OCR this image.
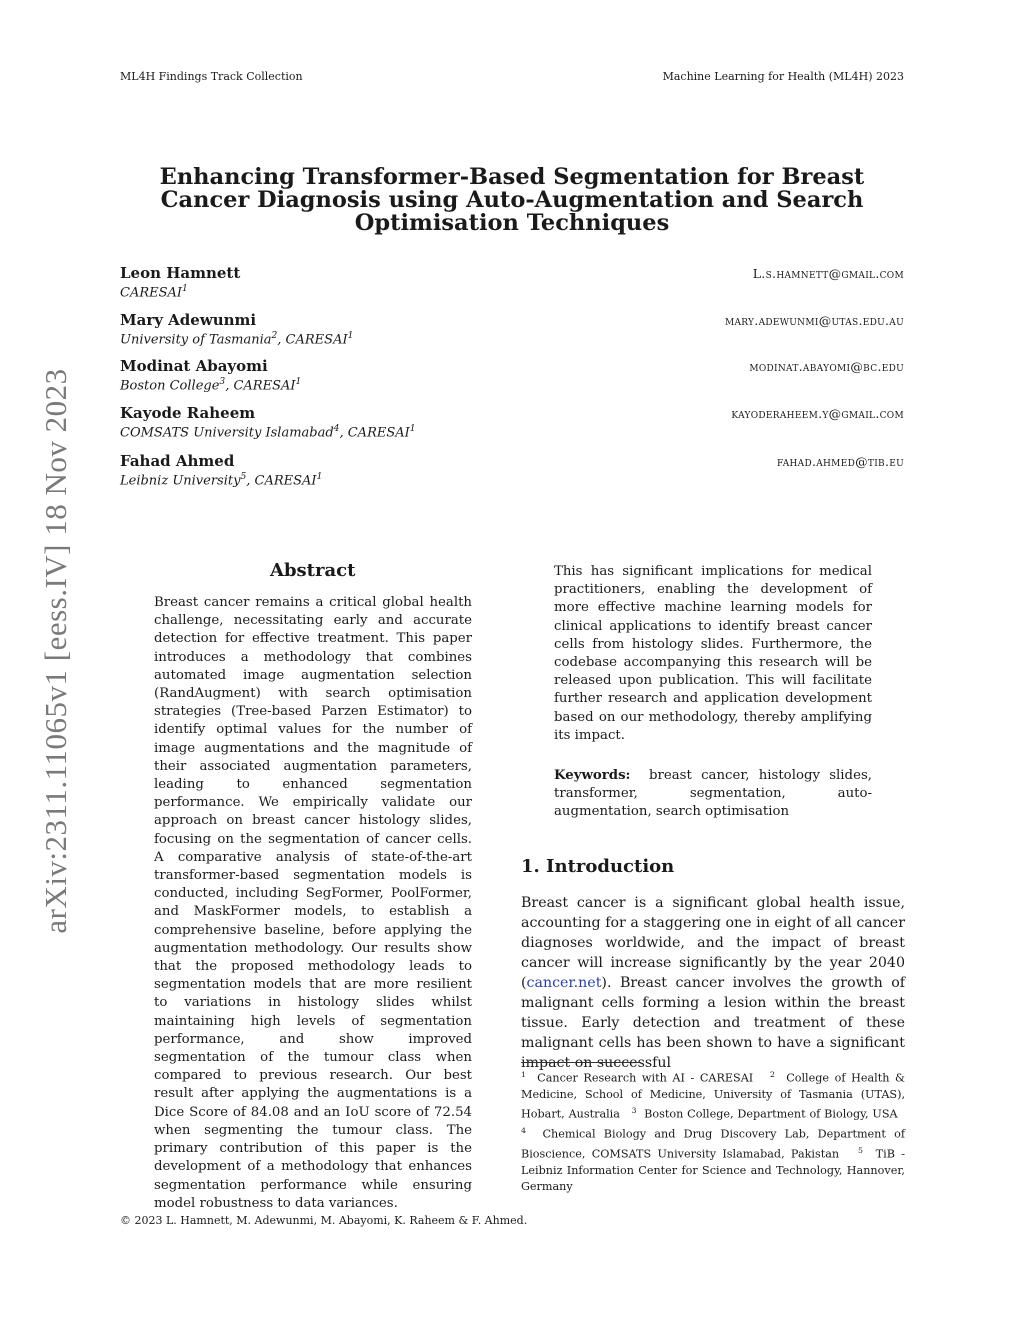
ML4H Findings Track Collection	Machine Learning for Health (ML4H) 2023
arXiv:2311.11065v1 [eess.IV] 18 Nov 2023
Enhancing Transformer-Based Segmentation for Breast Cancer Diagnosis using Auto-Augmentation and Search Optimisation Techniques
Leon Hamnett	L.s.hamnett@gmail.com
CARESAI$^1$
Mary Adewunmi	mary.adewunmi@utas.edu.au
University of Tasmania$^2$, CARESAI$^1$
Modinat Abayomi	modinat.abayomi@bc.edu
Boston College$^3$, CARESAI$^1$
Kayode Raheem	kayoderaheem.y@gmail.com
COMSATS University Islamabad$^4$, CARESAI$^1$
Fahad Ahmed	fahad.ahmed@tib.eu
Leibniz University$^5$, CARESAI$^1$
Abstract
Breast cancer remains a critical global health challenge, necessitating early and accurate detection for effective treatment. This paper introduces a methodology that combines automated image augmentation selection (RandAugment) with search optimisation strategies (Tree-based Parzen Estimator) to identify optimal values for the number of image augmentations and the magnitude of their associated augmentation parameters, leading to enhanced segmentation performance. We empirically validate our approach on breast cancer histology slides, focusing on the segmentation of cancer cells. A comparative analysis of state-of-the-art transformer-based segmentation models is conducted, including SegFormer, PoolFormer, and MaskFormer models, to establish a comprehensive baseline, before applying the augmentation methodology. Our results show that the proposed methodology leads to segmentation models that are more resilient to variations in histology slides whilst maintaining high levels of segmentation performance, and show improved segmentation of the tumour class when compared to previous research. Our best result after applying the augmentations is a Dice Score of 84.08 and an IoU score of 72.54 when segmenting the tumour class. The primary contribution of this paper is the development of a methodology that enhances segmentation performance while ensuring model robustness to data variances.
This has significant implications for medical practitioners, enabling the development of more effective machine learning models for clinical applications to identify breast cancer cells from histology slides. Furthermore, the codebase accompanying this research will be released upon publication. This will facilitate further research and application development based on our methodology, thereby amplifying its impact.
Keywords: breast cancer, histology slides, transformer, segmentation, auto-augmentation, search optimisation
1. Introduction
Breast cancer is a significant global health issue, accounting for a staggering one in eight of all cancer diagnoses worldwide, and the impact of breast cancer will increase significantly by the year 2040 (cancer.net). Breast cancer involves the growth of malignant cells forming a lesion within the breast tissue. Early detection and treatment of these malignant cells has been shown to have a significant impact on successful
$^1$ Cancer Research with AI - CARESAI $^2$ College of Health & Medicine, School of Medicine, University of Tasmania (UTAS), Hobart, Australia $^3$ Boston College, Department of Biology, USA   $^4$ Chemical Biology and Drug Discovery Lab, Department of Bioscience, COMSATS University Islamabad, Pakistan $^5$ TiB - Leibniz Information Center for Science and Technology, Hannover, Germany
© 2023 L. Hamnett, M. Adewunmi, M. Abayomi, K. Raheem & F. Ahmed.
